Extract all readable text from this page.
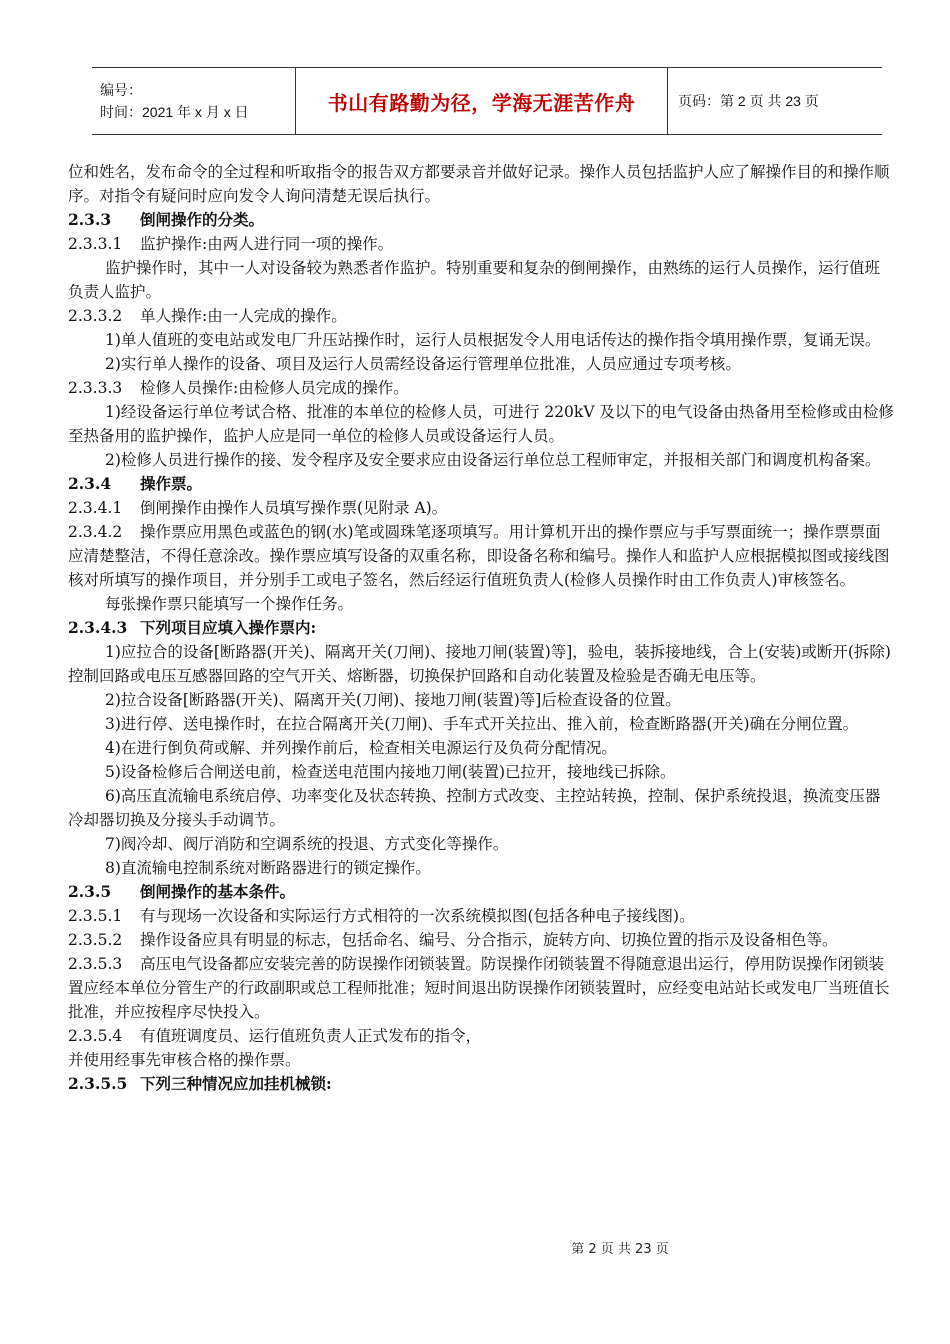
编号：
时间：2021 年 x 月 x 日	书山有路勤为径，学海无涯苦作舟	页码：第 2 页 共 23 页

位和姓名，发布命令的全过程和听取指令的报告双方都要录音并做好记录。操作人员包括监护人应了解操作目的和操作顺序。对指令有疑问时应向发令人询问清楚无误后执行。

2.3.3 倒闸操作的分类。

2.3.3.1 监护操作:由两人进行同一项的操作。

监护操作时，其中一人对设备较为熟悉者作监护。特别重要和复杂的倒闸操作，由熟练的运行人员操作，运行值班负责人监护。

2.3.3.2 单人操作:由一人完成的操作。

1)单人值班的变电站或发电厂升压站操作时，运行人员根据发令人用电话传达的操作指令填用操作票，复诵无误。

2)实行单人操作的设备、项目及运行人员需经设备运行管理单位批准，人员应通过专项考核。

2.3.3.3 检修人员操作:由检修人员完成的操作。

1)经设备运行单位考试合格、批准的本单位的检修人员，可进行 220kV 及以下的电气设备由热备用至检修或由检修至热备用的监护操作，监护人应是同一单位的检修人员或设备运行人员。

2)检修人员进行操作的接、发令程序及安全要求应由设备运行单位总工程师审定，并报相关部门和调度机构备案。

2.3.4 操作票。

2.3.4.1 倒闸操作由操作人员填写操作票(见附录 A)。

2.3.4.2 操作票应用黑色或蓝色的钢(水)笔或圆珠笔逐项填写。用计算机开出的操作票应与手写票面统一；操作票票面应清楚整洁，不得任意涂改。操作票应填写设备的双重名称，即设备名称和编号。操作人和监护人应根据模拟图或接线图核对所填写的操作项目，并分别手工或电子签名，然后经运行值班负责人(检修人员操作时由工作负责人)审核签名。

每张操作票只能填写一个操作任务。

2.3.4.3 下列项目应填入操作票内:

1)应拉合的设备[断路器(开关)、隔离开关(刀闸)、接地刀闸(装置)等]，验电，装拆接地线，合上(安装)或断开(拆除)控制回路或电压互感器回路的空气开关、熔断器，切换保护回路和自动化装置及检验是否确无电压等。

2)拉合设备[断路器(开关)、隔离开关(刀闸)、接地刀闸(装置)等]后检查设备的位置。

3)进行停、送电操作时，在拉合隔离开关(刀闸)、手车式开关拉出、推入前，检查断路器(开关)确在分闸位置。

4)在进行倒负荷或解、并列操作前后，检查相关电源运行及负荷分配情况。

5)设备检修后合闸送电前，检查送电范围内接地刀闸(装置)已拉开，接地线已拆除。

6)高压直流输电系统启停、功率变化及状态转换、控制方式改变、主控站转换，控制、保护系统投退，换流变压器冷却器切换及分接头手动调节。

7)阀冷却、阀厅消防和空调系统的投退、方式变化等操作。

8)直流输电控制系统对断路器进行的锁定操作。

2.3.5 倒闸操作的基本条件。

2.3.5.1 有与现场一次设备和实际运行方式相符的一次系统模拟图(包括各种电子接线图)。

2.3.5.2 操作设备应具有明显的标志，包括命名、编号、分合指示，旋转方向、切换位置的指示及设备相色等。

2.3.5.3 高压电气设备都应安装完善的防误操作闭锁装置。防误操作闭锁装置不得随意退出运行，停用防误操作闭锁装置应经本单位分管生产的行政副职或总工程师批准；短时间退出防误操作闭锁装置时，应经变电站站长或发电厂当班值长批准，并应按程序尽快投入。

2.3.5.4 有值班调度员、运行值班负责人正式发布的指令，

并使用经事先审核合格的操作票。

2.3.5.5 下列三种情况应加挂机械锁:

第 2 页 共 23 页
